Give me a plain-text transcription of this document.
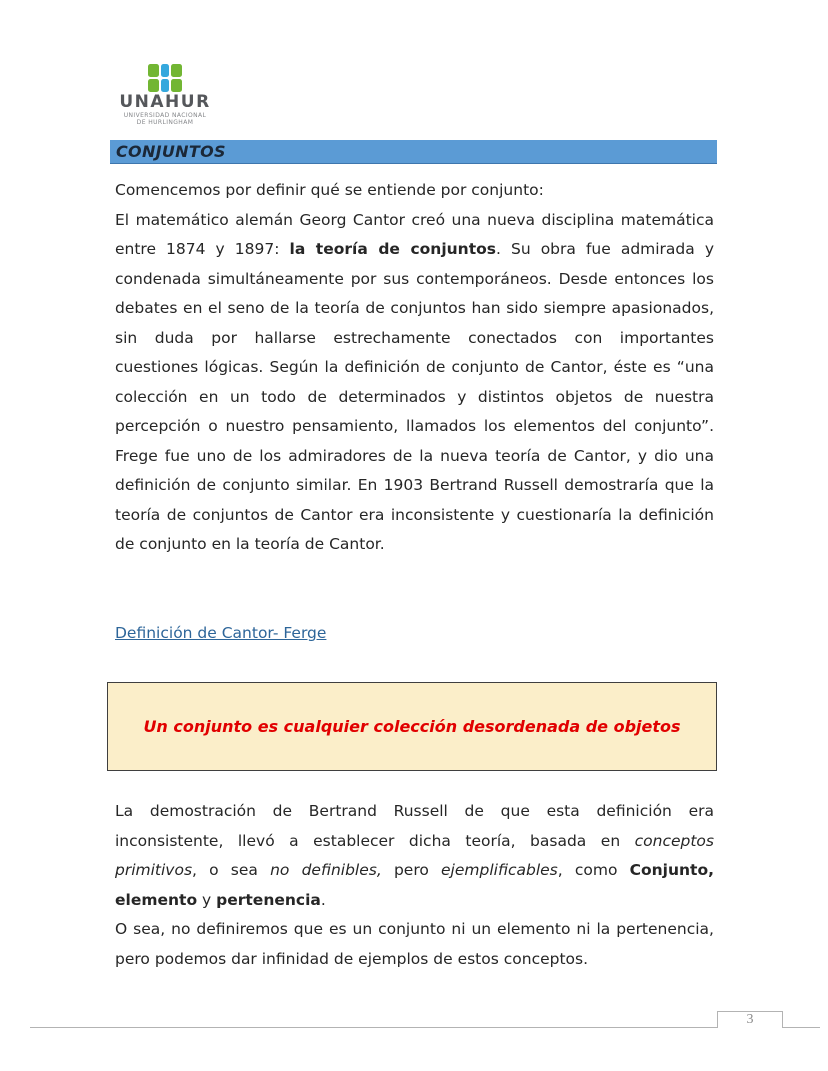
UNAHUR
UNIVERSIDAD NACIONAL
DE HURLINGHAM
CONJUNTOS

Comencemos por definir qué se entiende por conjunto:

El matemático alemán Georg Cantor creó una nueva disciplina matemática entre 1874 y 1897: la teoría de conjuntos. Su obra fue admirada y condenada simultáneamente por sus contemporáneos. Desde entonces los debates en el seno de la teoría de conjuntos han sido siempre apasionados, sin duda por hallarse estrechamente conectados con importantes cuestiones lógicas. Según la definición de conjunto de Cantor, éste es “una colección en un todo de determinados y distintos objetos de nuestra percepción o nuestro pensamiento, llamados los elementos del conjunto”. Frege fue uno de los admiradores de la nueva teoría de Cantor, y dio una definición de conjunto similar. En 1903 Bertrand Russell demostraría que la teoría de conjuntos de Cantor era inconsistente y cuestionaría la definición de conjunto en la teoría de Cantor.

Definición de Cantor- Ferge
Un conjunto es cualquier colección desordenada de objetos

La demostración de Bertrand Russell de que esta definición era inconsistente, llevó a establecer dicha teoría, basada en conceptos primitivos, o sea no definibles, pero ejemplificables, como Conjunto, elemento y pertenencia.

O sea, no definiremos que es un conjunto ni un elemento ni la pertenencia, pero podemos dar infinidad de ejemplos de estos conceptos.

3
